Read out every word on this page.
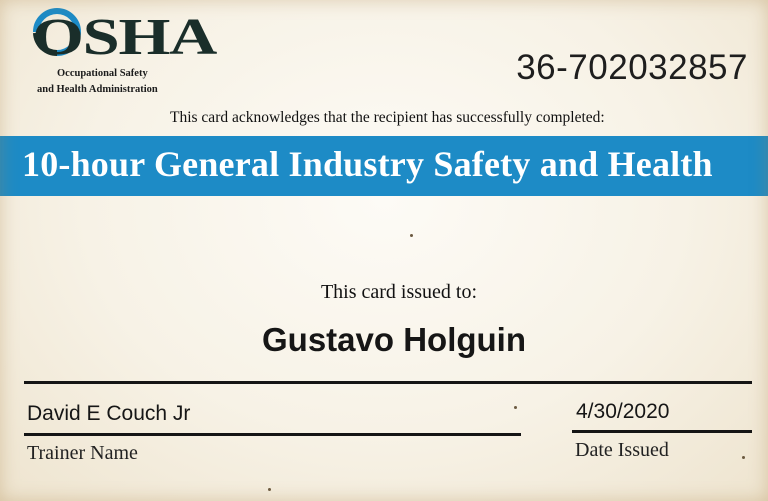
OSHA
Occupational Safety
and Health Administration
36-702032857
This card acknowledges that the recipient has successfully completed:
10-hour General Industry Safety and Health
This card issued to:
Gustavo Holguin
David E Couch Jr	4/30/2020
Trainer Name	Date Issued
